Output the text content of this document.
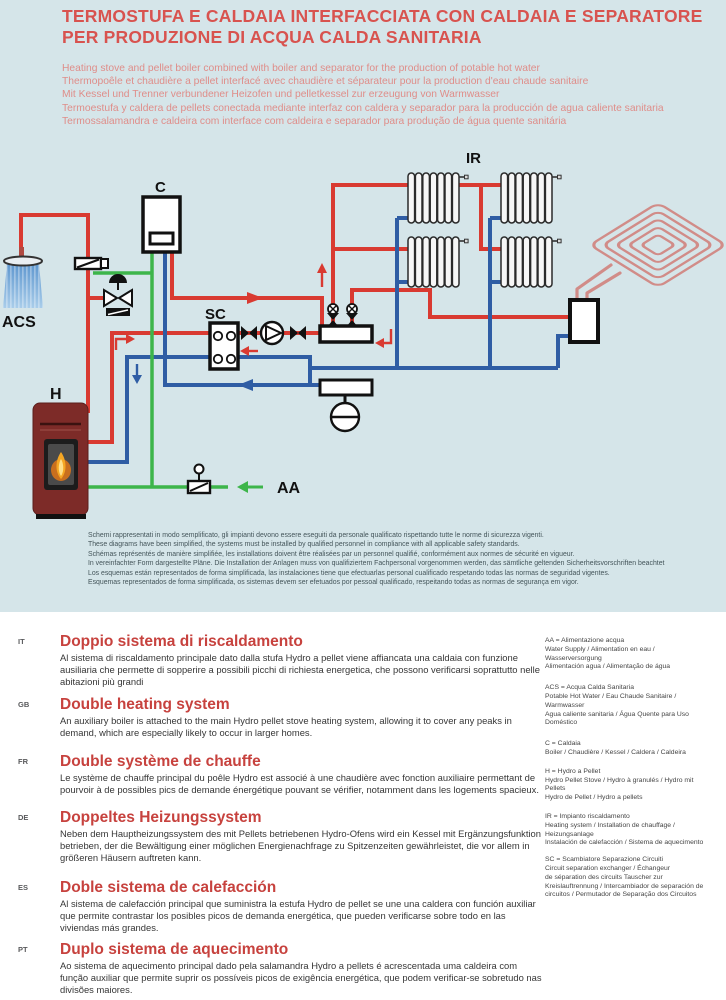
TERMOSTUFA E CALDAIA INTERFACCIATA CON CALDAIA E SEPARATORE
PER PRODUZIONE DI ACQUA CALDA SANITARIA
Heating stove and pellet boiler combined with boiler and separator for the production of potable hot water
Thermopoêle et chaudière a pellet interfacé avec chaudière et séparateur pour la production d'eau chaude sanitaire
Mit Kessel und Trenner verbundener Heizofen und pelletkessel zur erzeugung von Warmwasser
Termoestufa y caldera de pellets conectada mediante interfaz con caldera y separador para la producción de agua caliente sanitaria
Termossalamandra e caldeira com interface com caldeira e separador para produção de água quente sanitária
C
IR
ACS	SC
H
AA
Schemi rappresentati in modo semplificato, gli impianti devono essere eseguiti da personale qualificato rispettando tutte le norme di sicurezza vigenti.
These diagrams have been simplified, the systems must be installed by qualified personnel in compliance with all applicable safety standards.
Schémas représentés de manière simplifiée, les installations doivent être réalisées par un personnel qualifié, conformément aux normes de sécurité en vigueur.
In vereinfachter Form dargestellte Pläne. Die Installation der Anlagen muss von qualifiziertem Fachpersonal vorgenommen werden, das sämtliche geltenden Sicherheitsvorschriften beachtet
Los esquemas están representados de forma simplificada, las instalaciones tiene que efectuarlas personal cualificado respetando todas las normas de seguridad vigentes.
Esquemas representados de forma simplificada, os sistemas devem ser efetuados por pessoal qualificado, respeitando todas as normas de segurança em vigor.
IT Doppio sistema di riscaldamento

Al sistema di riscaldamento principale dato dalla stufa Hydro a pellet viene affiancata una caldaia con funzione ausiliaria che permette di sopperire a possibili picchi di richiesta energetica, che possono verificarsi soprattutto nelle abitazioni più grandi

GB Double heating system

An auxiliary boiler is attached to the main Hydro pellet stove heating system, allowing it to cover any peaks in demand, which are especially likely to occur in larger homes.

FR Double système de chauffe

Le système de chauffe principal du poêle Hydro est associé à une chaudière avec fonction auxiliaire permettant de pourvoir à de possibles pics de demande énergétique pouvant se vérifier, notamment dans les logements spacieux.

DE Doppeltes Heizungssystem

Neben dem Hauptheizungssystem des mit Pellets betriebenen Hydro-Ofens wird ein Kessel mit Ergänzungsfunktion betrieben, der die Bewältigung einer möglichen Energienachfrage zu Spitzenzeiten gewährleistet, die vor allem in größeren Häusern auftreten kann.

ES Doble sistema de calefacción

Al sistema de calefacción principal que suministra la estufa Hydro de pellet se une una caldera con función auxiliar que permite contrastar los posibles picos de demanda energética, que pueden verificarse sobre todo en las viviendas más grandes.

PT Duplo sistema de aquecimento

Ao sistema de aquecimento principal dado pela salamandra Hydro a pellets é acrescentada uma caldeira com função auxiliar que permite suprir os possíveis picos de exigência energética, que podem verificar-se sobretudo nas divisões maiores.

AA = Alimentazione acqua
Water Supply / Alimentation en eau /
Wasserversorgung
Alimentación agua / Alimentação de água
ACS = Acqua Calda Sanitaria
Potable Hot Water / Eau Chaude Sanitaire /
Warmwasser
Agua caliente sanitaria / Água Quente para Uso
Doméstico
C = Caldaia
Boiler / Chaudière / Kessel / Caldera / Caldeira
H = Hydro a Pellet
Hydro Pellet Stove / Hydro à granulés / Hydro mit
Pellets
Hydro de Pellet / Hydro a pellets
IR = Impianto riscaldamento
Heating system / Installation de chauffage /
Heizungsanlage
Instalación de calefacción / Sistema de aquecimento
SC = Scambiatore Separazione Circuiti
Circuit separation exchanger / Échangeur
de séparation des circuits Tauscher zur
Kreislauftrennung / Intercambiador de separación de
circuitos / Permutador de Separação dos Circuitos
